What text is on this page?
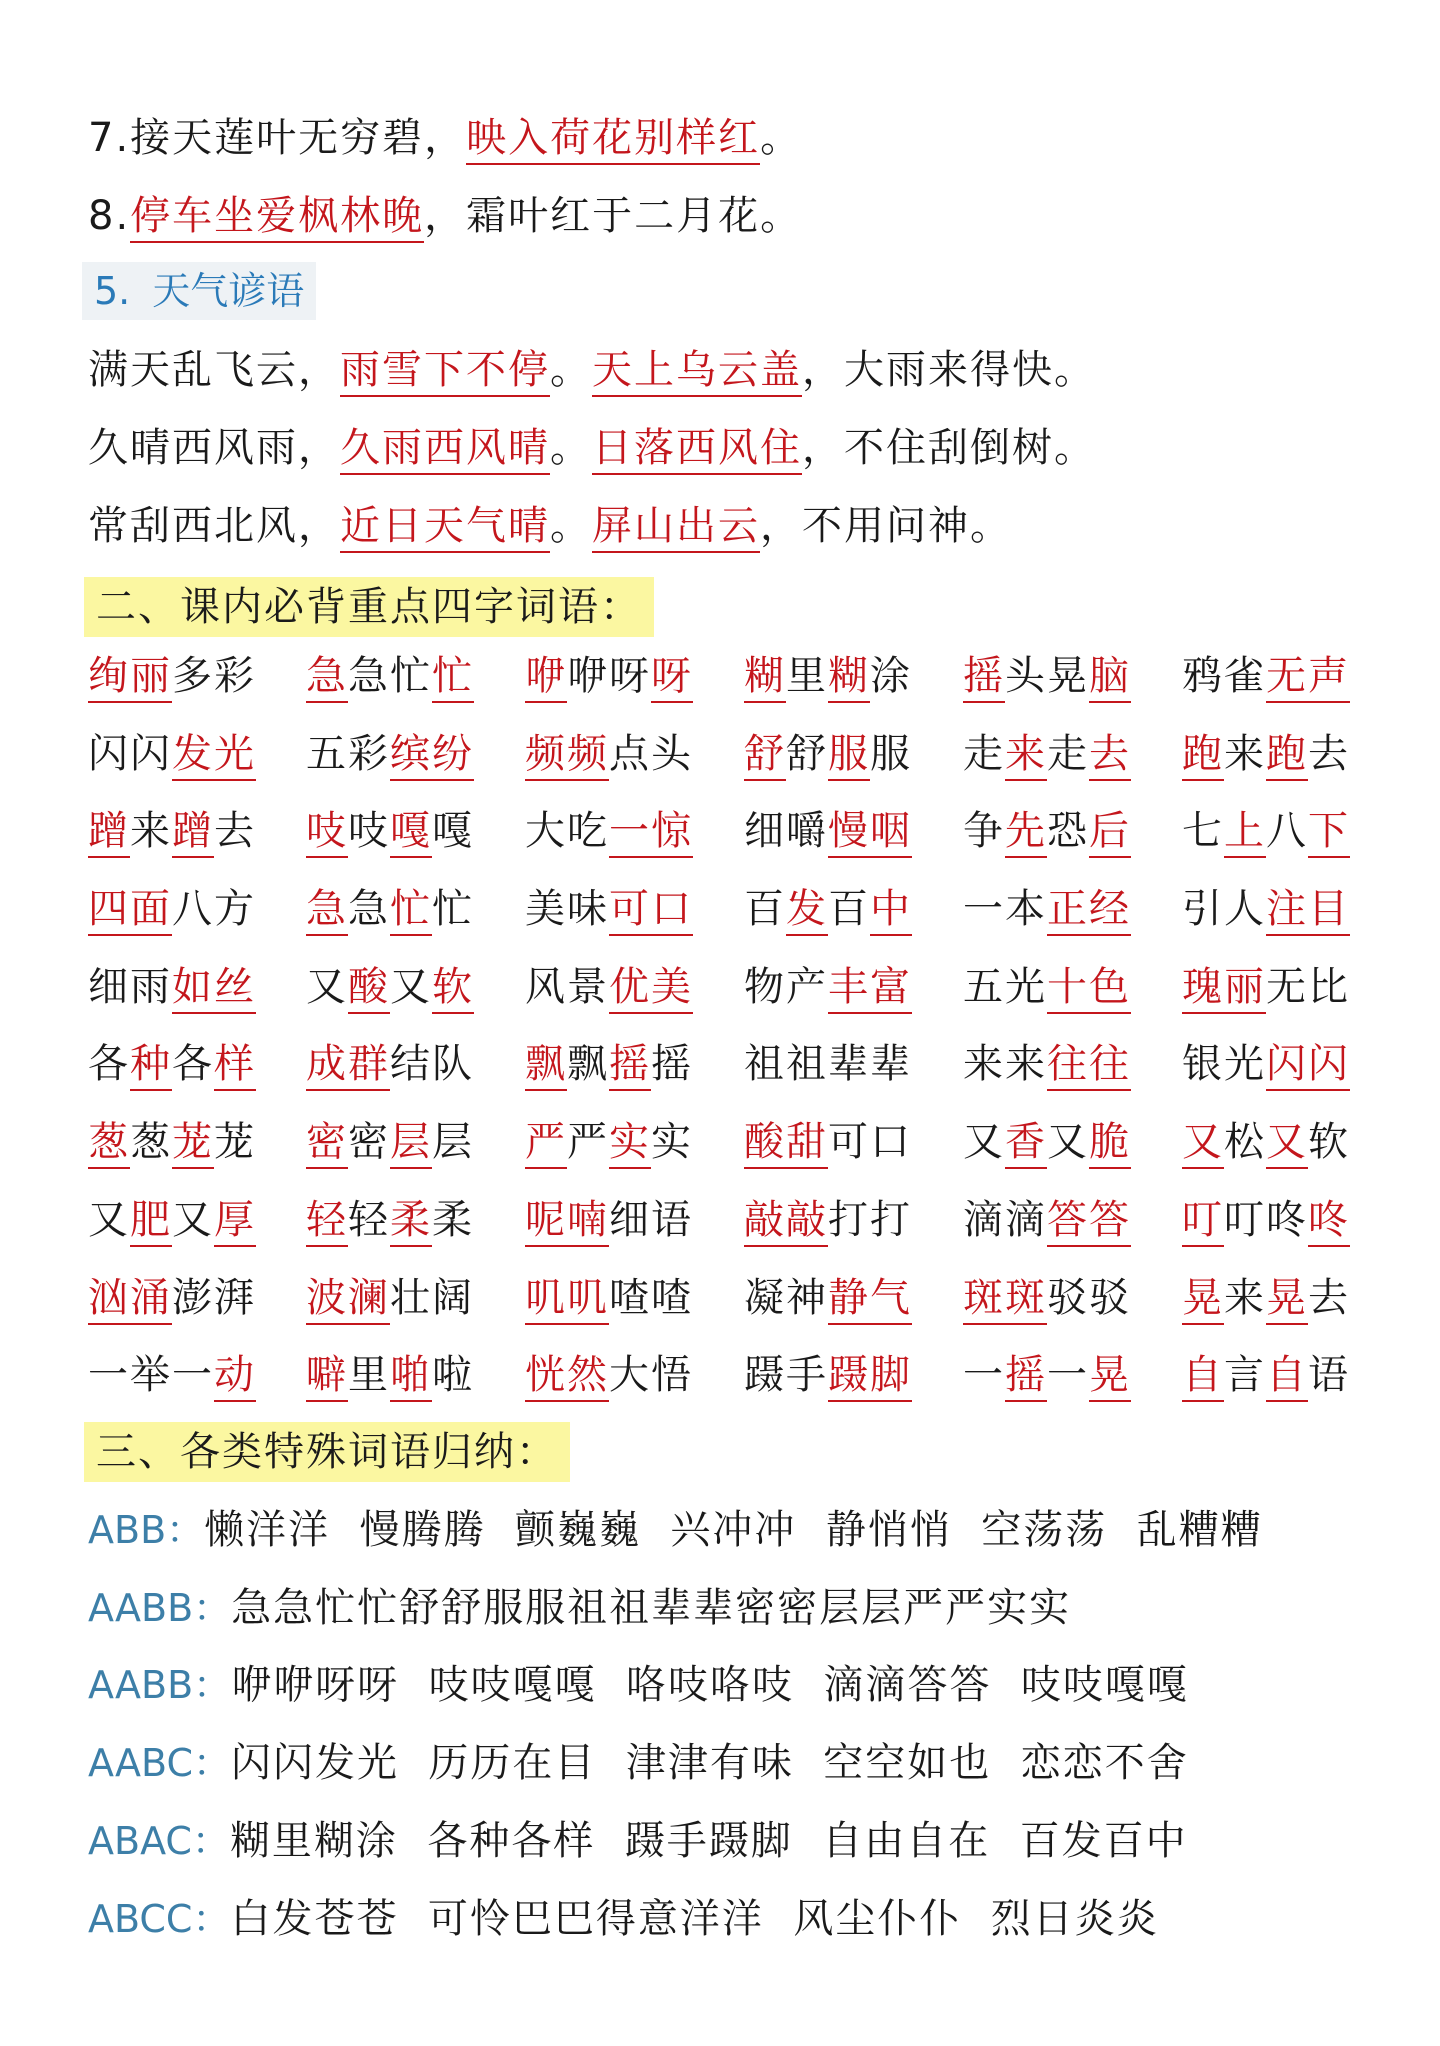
7.接天莲叶无穷碧，映入荷花别样红。
8.停车坐爱枫林晚，霜叶红于二月花。
5. 天气谚语
满天乱飞云，雨雪下不停。天上乌云盖，大雨来得快。
久晴西风雨，久雨西风晴。日落西风住，不住刮倒树。
常刮西北风，近日天气晴。屏山出云，不用问神。
二、课内必背重点四字词语：
绚丽多彩 急急忙忙 咿咿呀呀 糊里糊涂 摇头晃脑 鸦雀无声
闪闪发光 五彩缤纷 频频点头 舒舒服服 走来走去 跑来跑去
蹭来蹭去 吱吱嘎嘎 大吃一惊 细嚼慢咽 争先恐后 七上八下
四面八方 急急忙忙 美味可口 百发百中 一本正经 引人注目
细雨如丝 又酸又软 风景优美 物产丰富 五光十色 瑰丽无比
各种各样 成群结队 飘飘摇摇 祖祖辈辈 来来往往 银光闪闪
葱葱茏茏 密密层层 严严实实 酸甜可口 又香又脆 又松又软
又肥又厚 轻轻柔柔 呢喃细语 敲敲打打 滴滴答答 叮叮咚咚
汹涌澎湃 波澜壮阔 叽叽喳喳 凝神静气 斑斑驳驳 晃来晃去
一举一动 噼里啪啦 恍然大悟 蹑手蹑脚 一摇一晃 自言自语
三、各类特殊词语归纳：
ABB：懒洋洋  慢腾腾  颤巍巍  兴冲冲  静悄悄  空荡荡  乱糟糟
AABB：急急忙忙舒舒服服祖祖辈辈密密层层严严实实
AABB：咿咿呀呀  吱吱嘎嘎  咯吱咯吱  滴滴答答  吱吱嘎嘎
AABC：闪闪发光  历历在目  津津有味  空空如也  恋恋不舍
ABAC：糊里糊涂  各种各样  蹑手蹑脚  自由自在  百发百中
ABCC：白发苍苍  可怜巴巴得意洋洋  风尘仆仆  烈日炎炎
